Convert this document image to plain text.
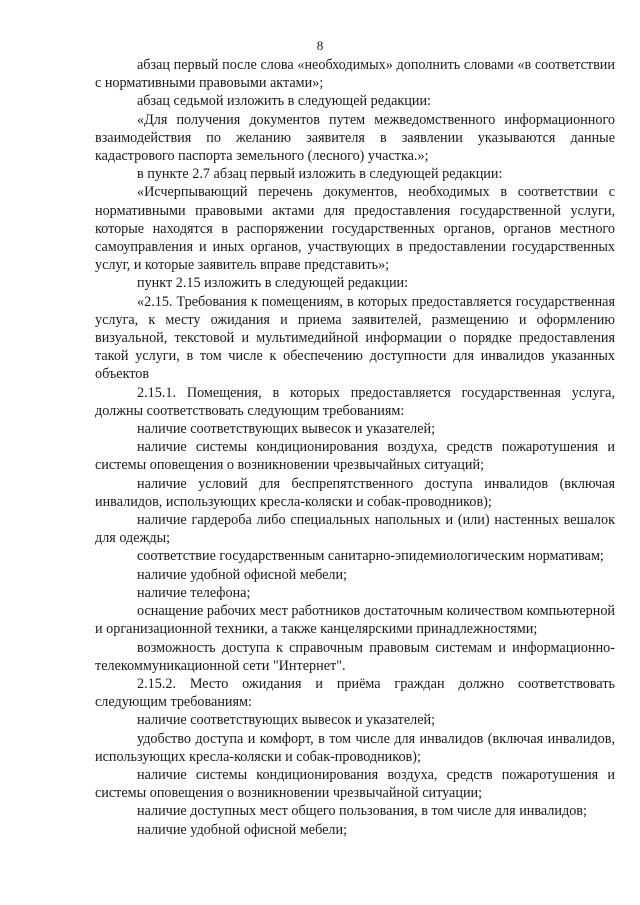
8

абзац первый после слова «необходимых» дополнить словами «в соответствии с нормативными правовыми актами»;

абзац седьмой изложить в следующей редакции:

«Для получения документов путем межведомственного информационного взаимодействия по желанию заявителя в заявлении указываются данные кадастрового паспорта земельного (лесного) участка.»;

в пункте 2.7 абзац первый изложить в следующей редакции:

«Исчерпывающий перечень документов, необходимых в соответствии с нормативными правовыми актами для предоставления государственной услуги, которые находятся в распоряжении государственных органов, органов местного самоуправления и иных органов, участвующих в предоставлении государственных услуг, и которые заявитель вправе представить»;

пункт 2.15 изложить в следующей редакции:

«2.15. Требования к помещениям, в которых предоставляется государственная услуга, к месту ожидания и приема заявителей, размещению и оформлению визуальной, текстовой и мультимедийной информации о порядке предоставления такой услуги, в том числе к обеспечению доступности для инвалидов указанных объектов

2.15.1. Помещения, в которых предоставляется государственная услуга, должны соответствовать следующим требованиям:

наличие соответствующих вывесок и указателей;

наличие системы кондиционирования воздуха, средств пожаротушения и системы оповещения о возникновении чрезвычайных ситуаций;

наличие условий для беспрепятственного доступа инвалидов (включая инвалидов, использующих кресла-коляски и собак-проводников);

наличие гардероба либо специальных напольных и (или) настенных вешалок для одежды;

соответствие государственным санитарно-эпидемиологическим нормативам;

наличие удобной офисной мебели;

наличие телефона;

оснащение рабочих мест работников достаточным количеством компьютерной и организационной техники, а также канцелярскими принадлежностями;

возможность доступа к справочным правовым системам и информационно-телекоммуникационной сети "Интернет".

2.15.2. Место ожидания и приёма граждан должно соответствовать следующим требованиям:

наличие соответствующих вывесок и указателей;

удобство доступа и комфорт, в том числе для инвалидов (включая инвалидов, использующих кресла-коляски и собак-проводников);

наличие системы кондиционирования воздуха, средств пожаротушения и системы оповещения о возникновении чрезвычайной ситуации;

наличие доступных мест общего пользования, в том числе для инвалидов;

наличие удобной офисной мебели;
